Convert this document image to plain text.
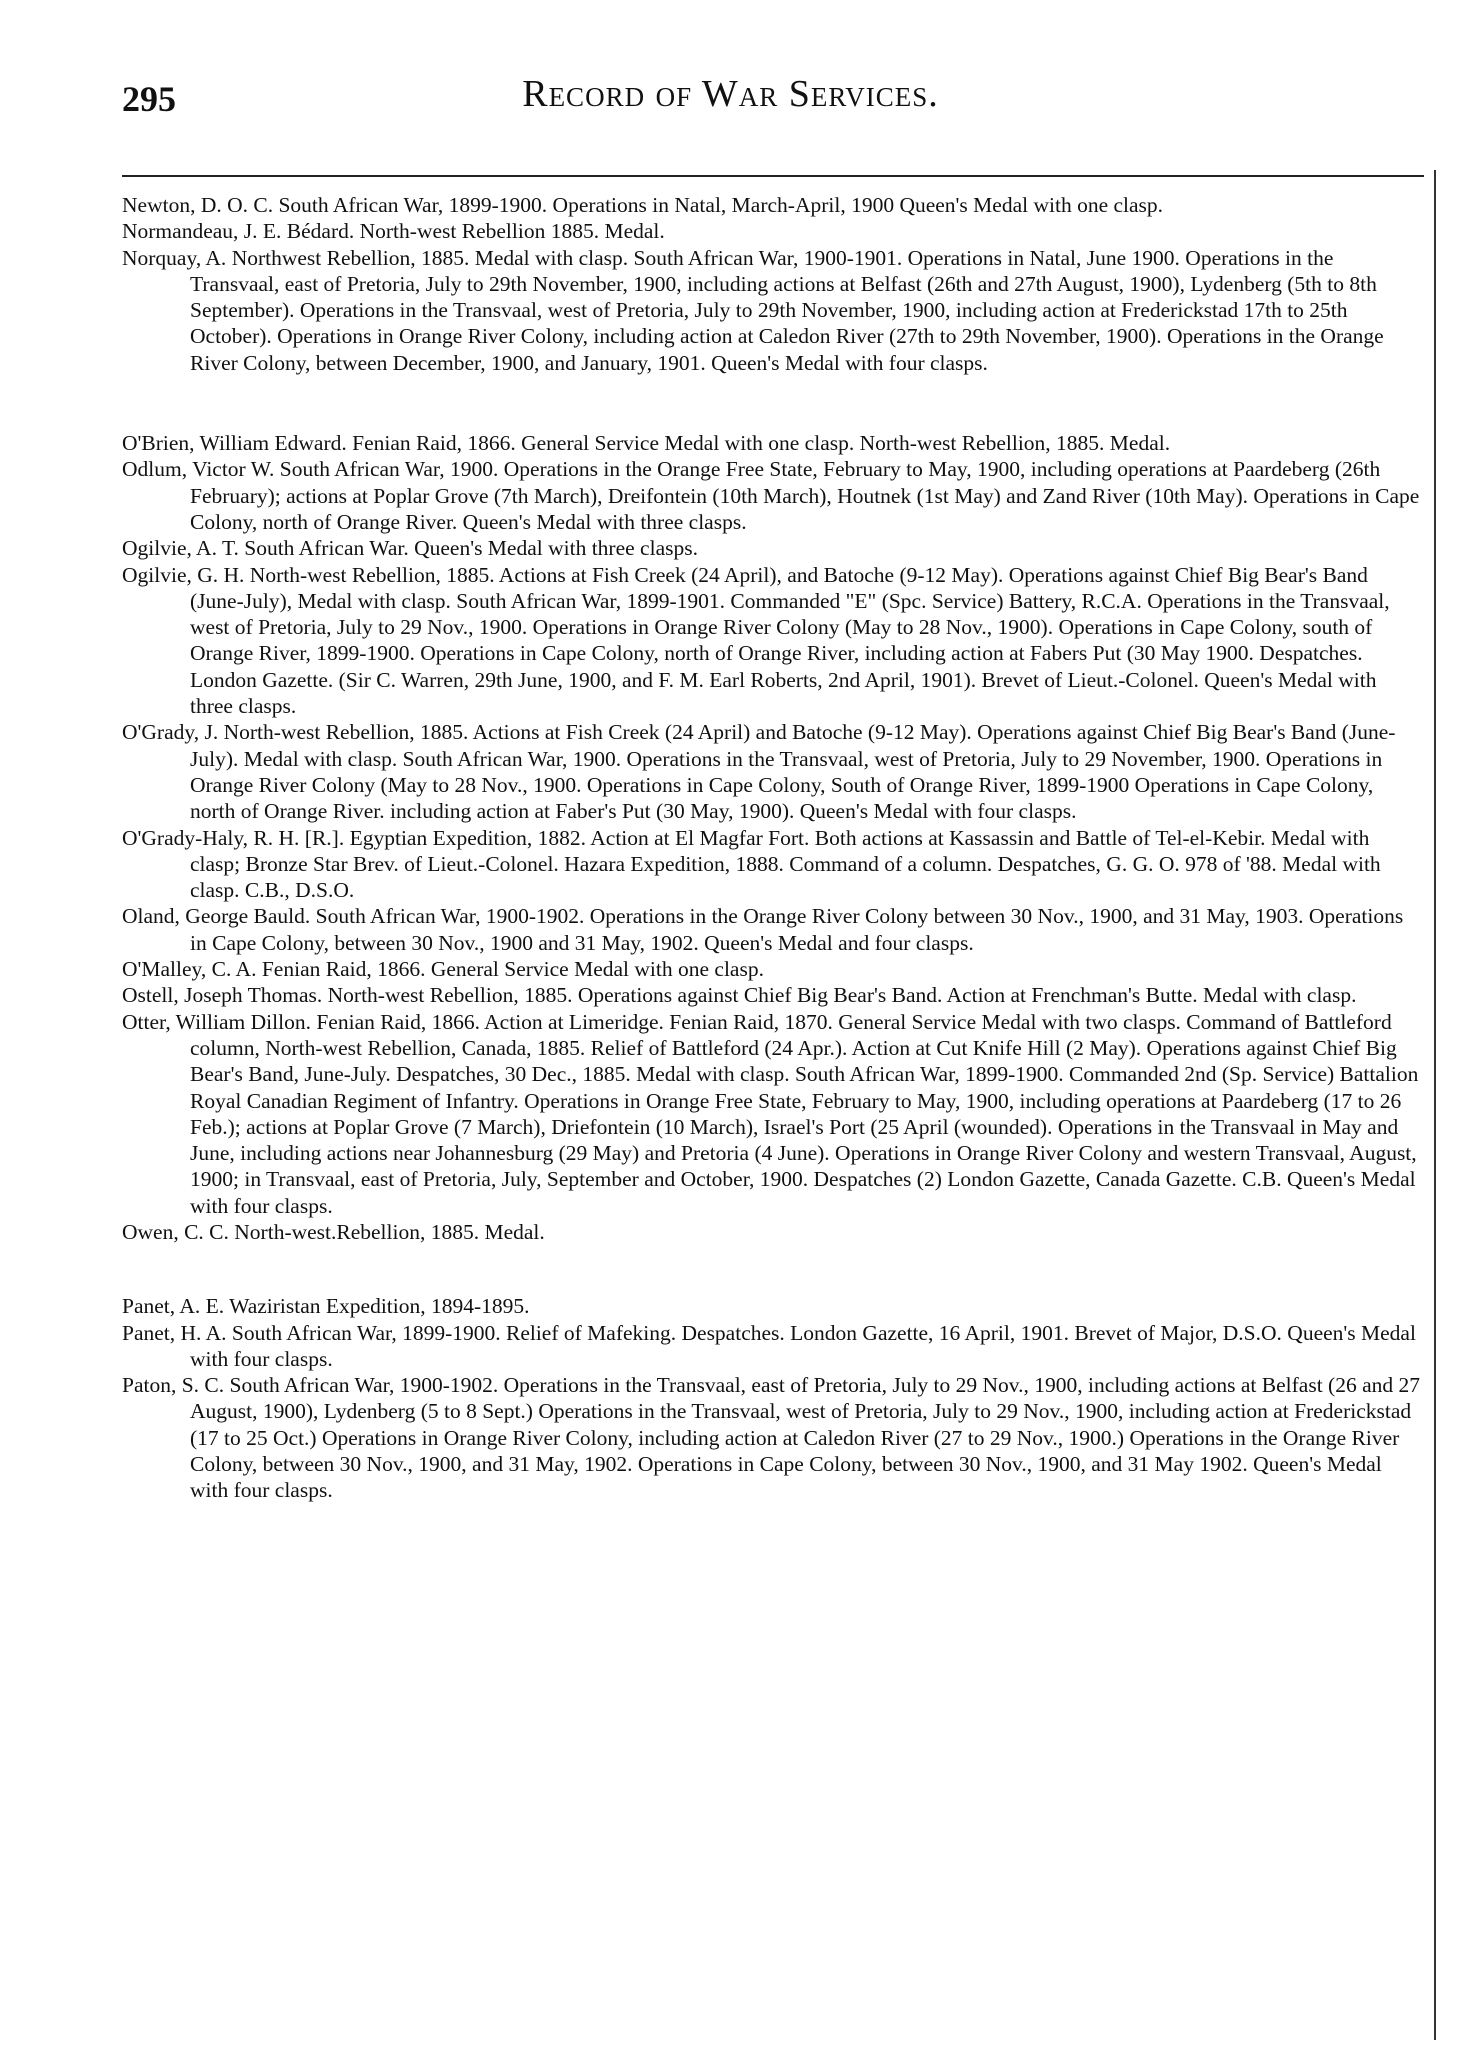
295	Record of War Services.

Newton, D. O. C. South African War, 1899-1900. Operations in Natal, March-April, 1900 Queen's Medal with one clasp.

Normandeau, J. E. Bédard. North-west Rebellion 1885. Medal.

Norquay, A. Northwest Rebellion, 1885. Medal with clasp. South African War, 1900-1901. Operations in Natal, June 1900. Operations in the Transvaal, east of Pretoria, July to 29th November, 1900, including actions at Belfast (26th and 27th August, 1900), Lydenberg (5th to 8th September). Operations in the Transvaal, west of Pretoria, July to 29th November, 1900, including action at Frederickstad 17th to 25th October). Operations in Orange River Colony, including action at Caledon River (27th to 29th November, 1900). Operations in the Orange River Colony, between December, 1900, and January, 1901. Queen's Medal with four clasps.

O'Brien, William Edward. Fenian Raid, 1866. General Service Medal with one clasp. North-west Rebellion, 1885. Medal.

Odlum, Victor W. South African War, 1900. Operations in the Orange Free State, February to May, 1900, including operations at Paardeberg (26th February); actions at Poplar Grove (7th March), Dreifontein (10th March), Houtnek (1st May) and Zand River (10th May). Operations in Cape Colony, north of Orange River. Queen's Medal with three clasps.

Ogilvie, A. T. South African War. Queen's Medal with three clasps.

Ogilvie, G. H. North-west Rebellion, 1885. Actions at Fish Creek (24 April), and Batoche (9-12 May). Operations against Chief Big Bear's Band (June-July), Medal with clasp. South African War, 1899-1901. Commanded "E" (Spc. Service) Battery, R.C.A. Operations in the Transvaal, west of Pretoria, July to 29 Nov., 1900. Operations in Orange River Colony (May to 28 Nov., 1900). Operations in Cape Colony, south of Orange River, 1899-1900. Operations in Cape Colony, north of Orange River, including action at Fabers Put (30 May 1900. Despatches. London Gazette. (Sir C. Warren, 29th June, 1900, and F. M. Earl Roberts, 2nd April, 1901). Brevet of Lieut.-Colonel. Queen's Medal with three clasps.

O'Grady, J. North-west Rebellion, 1885. Actions at Fish Creek (24 April) and Batoche (9-12 May). Operations against Chief Big Bear's Band (June-July). Medal with clasp. South African War, 1900. Operations in the Transvaal, west of Pretoria, July to 29 November, 1900. Operations in Orange River Colony (May to 28 Nov., 1900. Operations in Cape Colony, South of Orange River, 1899-1900 Operations in Cape Colony, north of Orange River. including action at Faber's Put (30 May, 1900). Queen's Medal with four clasps.

O'Grady-Haly, R. H. [R.]. Egyptian Expedition, 1882. Action at El Magfar Fort. Both actions at Kassassin and Battle of Tel-el-Kebir. Medal with clasp; Bronze Star Brev. of Lieut.-Colonel. Hazara Expedition, 1888. Command of a column. Despatches, G. G. O. 978 of '88. Medal with clasp. C.B., D.S.O.

Oland, George Bauld. South African War, 1900-1902. Operations in the Orange River Colony between 30 Nov., 1900, and 31 May, 1903. Operations in Cape Colony, between 30 Nov., 1900 and 31 May, 1902. Queen's Medal and four clasps.

O'Malley, C. A. Fenian Raid, 1866. General Service Medal with one clasp.

Ostell, Joseph Thomas. North-west Rebellion, 1885. Operations against Chief Big Bear's Band. Action at Frenchman's Butte. Medal with clasp.

Otter, William Dillon. Fenian Raid, 1866. Action at Limeridge. Fenian Raid, 1870. General Service Medal with two clasps. Command of Battleford column, North-west Rebellion, Canada, 1885. Relief of Battleford (24 Apr.). Action at Cut Knife Hill (2 May). Operations against Chief Big Bear's Band, June-July. Despatches, 30 Dec., 1885. Medal with clasp. South African War, 1899-1900. Commanded 2nd (Sp. Service) Battalion Royal Canadian Regiment of Infantry. Operations in Orange Free State, February to May, 1900, including operations at Paardeberg (17 to 26 Feb.); actions at Poplar Grove (7 March), Driefontein (10 March), Israel's Port (25 April (wounded). Operations in the Transvaal in May and June, including actions near Johannesburg (29 May) and Pretoria (4 June). Operations in Orange River Colony and western Transvaal, August, 1900; in Transvaal, east of Pretoria, July, September and October, 1900. Despatches (2) London Gazette, Canada Gazette. C.B. Queen's Medal with four clasps.

Owen, C. C. North-west.Rebellion, 1885. Medal.

Panet, A. E. Waziristan Expedition, 1894-1895.

Panet, H. A. South African War, 1899-1900. Relief of Mafeking. Despatches. London Gazette, 16 April, 1901. Brevet of Major, D.S.O. Queen's Medal with four clasps.

Paton, S. C. South African War, 1900-1902. Operations in the Transvaal, east of Pretoria, July to 29 Nov., 1900, including actions at Belfast (26 and 27 August, 1900), Lydenberg (5 to 8 Sept.) Operations in the Transvaal, west of Pretoria, July to 29 Nov., 1900, including action at Frederickstad (17 to 25 Oct.) Operations in Orange River Colony, including action at Caledon River (27 to 29 Nov., 1900.) Operations in the Orange River Colony, between 30 Nov., 1900, and 31 May, 1902. Operations in Cape Colony, between 30 Nov., 1900, and 31 May 1902. Queen's Medal with four clasps.
